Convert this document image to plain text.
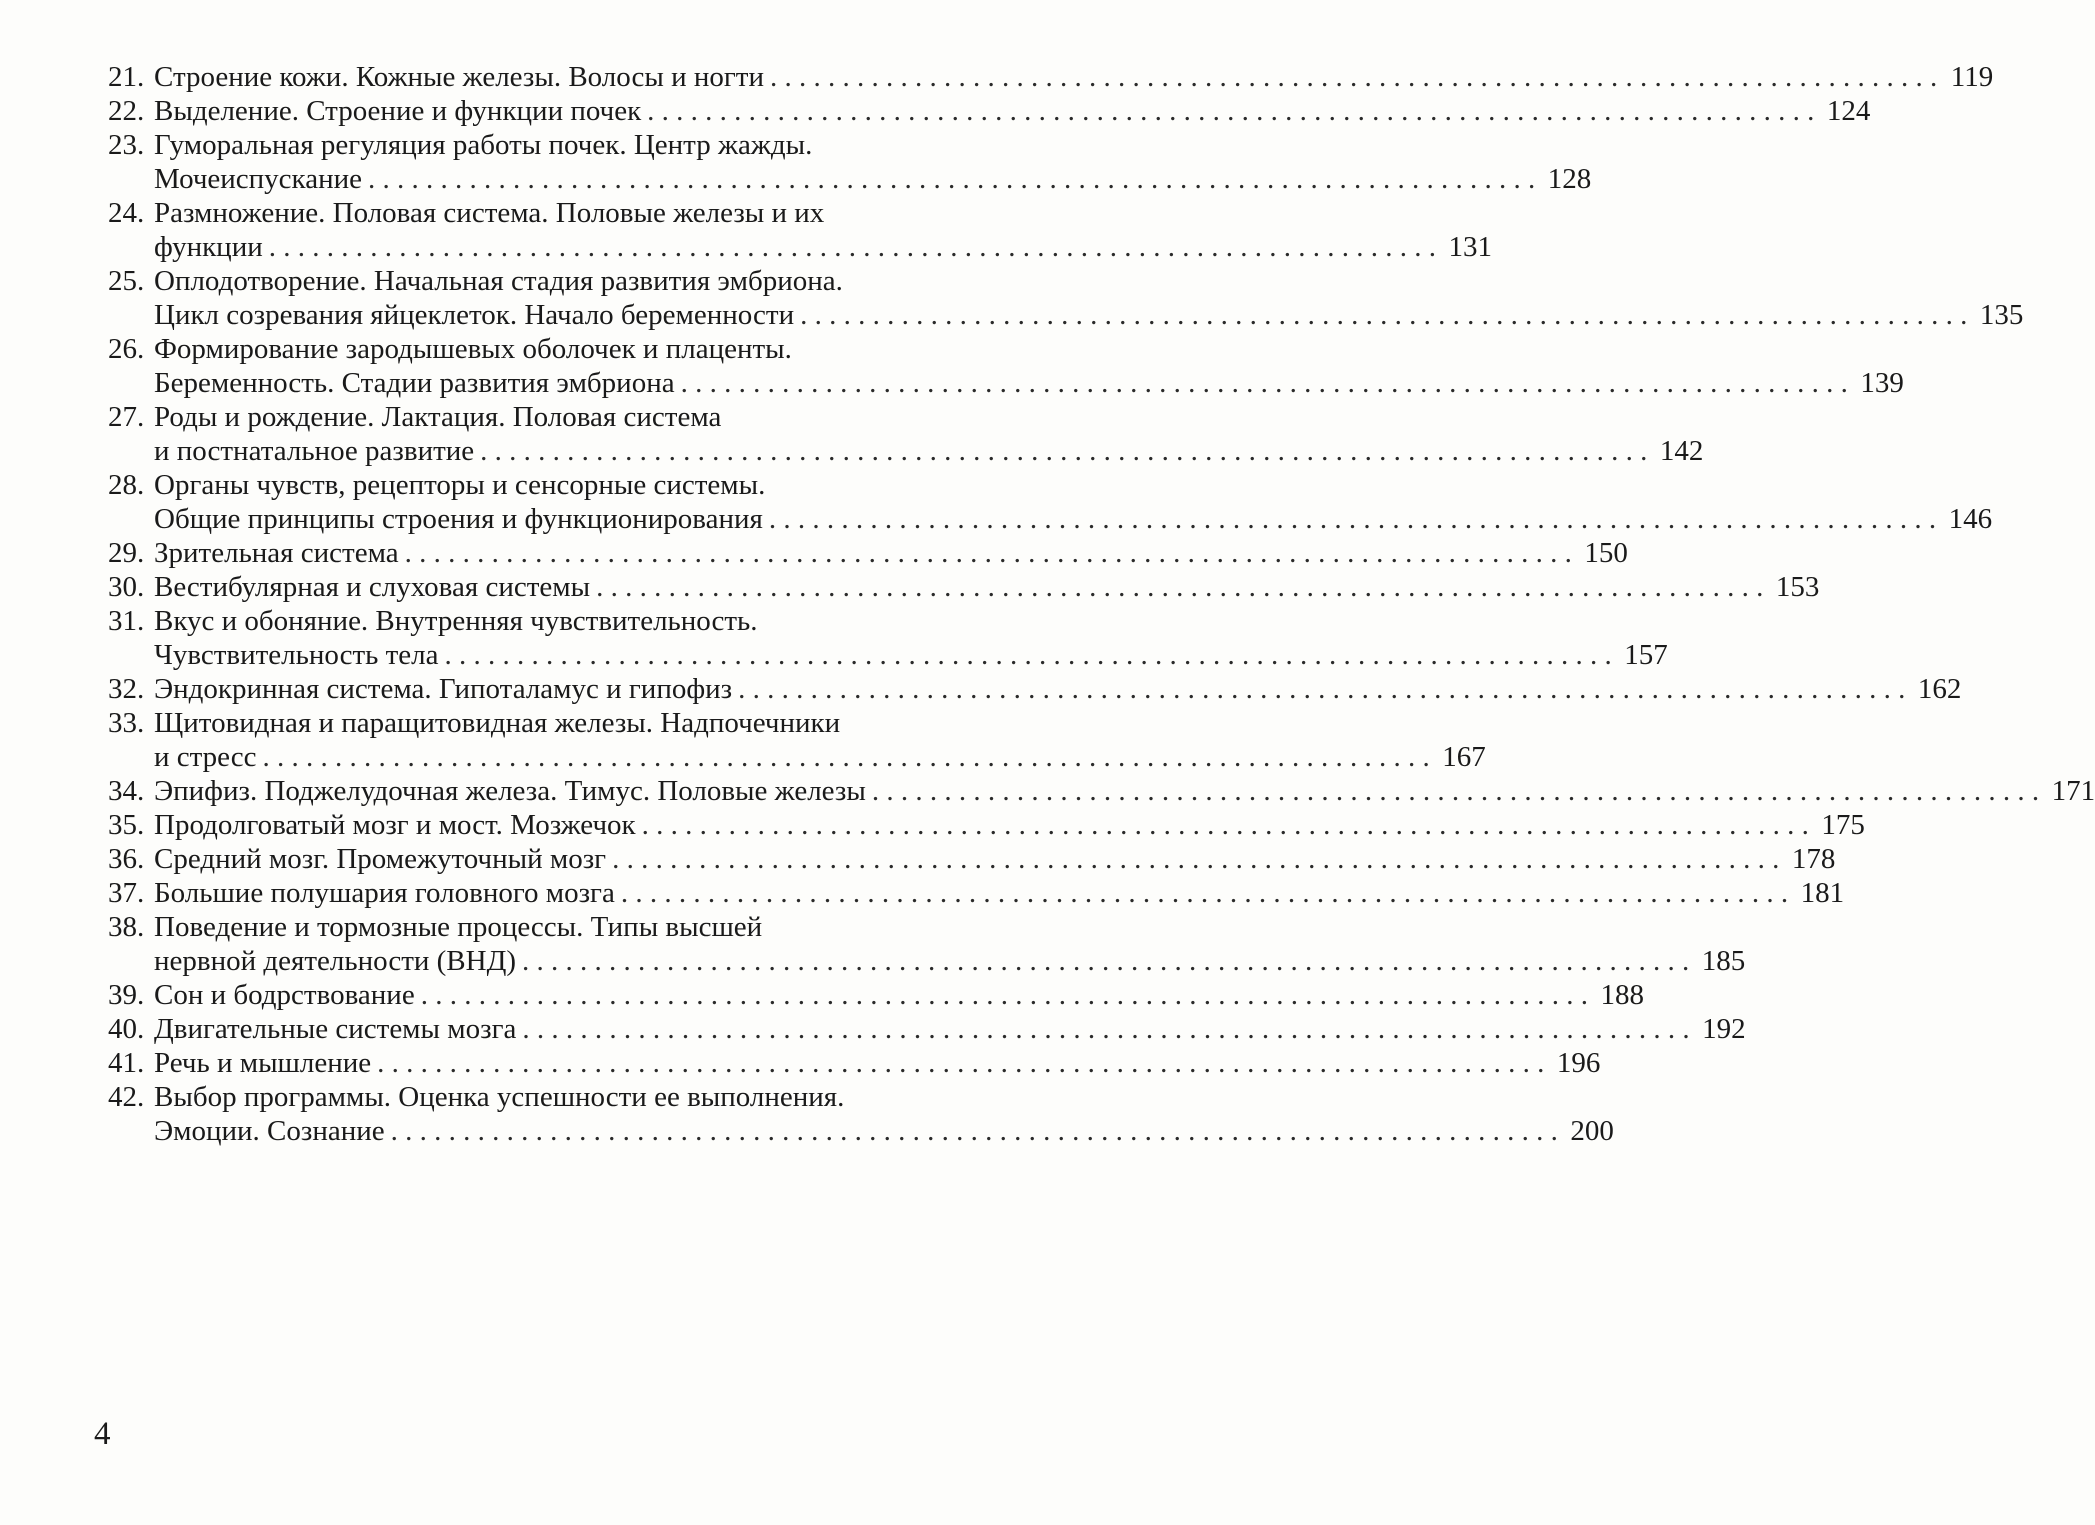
21. Строение кожи. Кожные железы. Волосы и ногти . . .	119
22. Выделение. Строение и функции почек . . .	124
23. Гуморальная регуляция работы почек. Центр жажды.
Мочеиспускание . . .	128
24. Размножение. Половая система. Половые железы и их
функции . . .	131
25. Оплодотворение. Начальная стадия развития эмбриона.
Цикл созревания яйцеклеток. Начало беременности . . .	135
26. Формирование зародышевых оболочек и плаценты.
Беременность. Стадии развития эмбриона . . .	139
27. Роды и рождение. Лактация. Половая система
и постнатальное развитие . . .	142
28. Органы чувств, рецепторы и сенсорные системы.
Общие принципы строения и функционирования . . .	146
29. Зрительная система . . .	150
30. Вестибулярная и слуховая системы . . .	153
31. Вкус и обоняние. Внутренняя чувствительность.
Чувствительность тела . . .	157
32. Эндокринная система. Гипоталамус и гипофиз . . .	162
33. Щитовидная и паращитовидная железы. Надпочечники
и стресс . . .	167
34. Эпифиз. Поджелудочная железа. Тимус. Половые железы . . .	171
35. Продолговатый мозг и мост. Мозжечок . . .	175
36. Средний мозг. Промежуточный мозг . . .	178
37. Большие полушария головного мозга . . .	181
38. Поведение и тормозные процессы. Типы высшей
нервной деятельности (ВНД) . . .	185
39. Сон и бодрствование . . .	188
40. Двигательные системы мозга . . .	192
41. Речь и мышление . . .	196
42. Выбор программы. Оценка успешности ее выполнения.
Эмоции. Сознание . . .	200
4
